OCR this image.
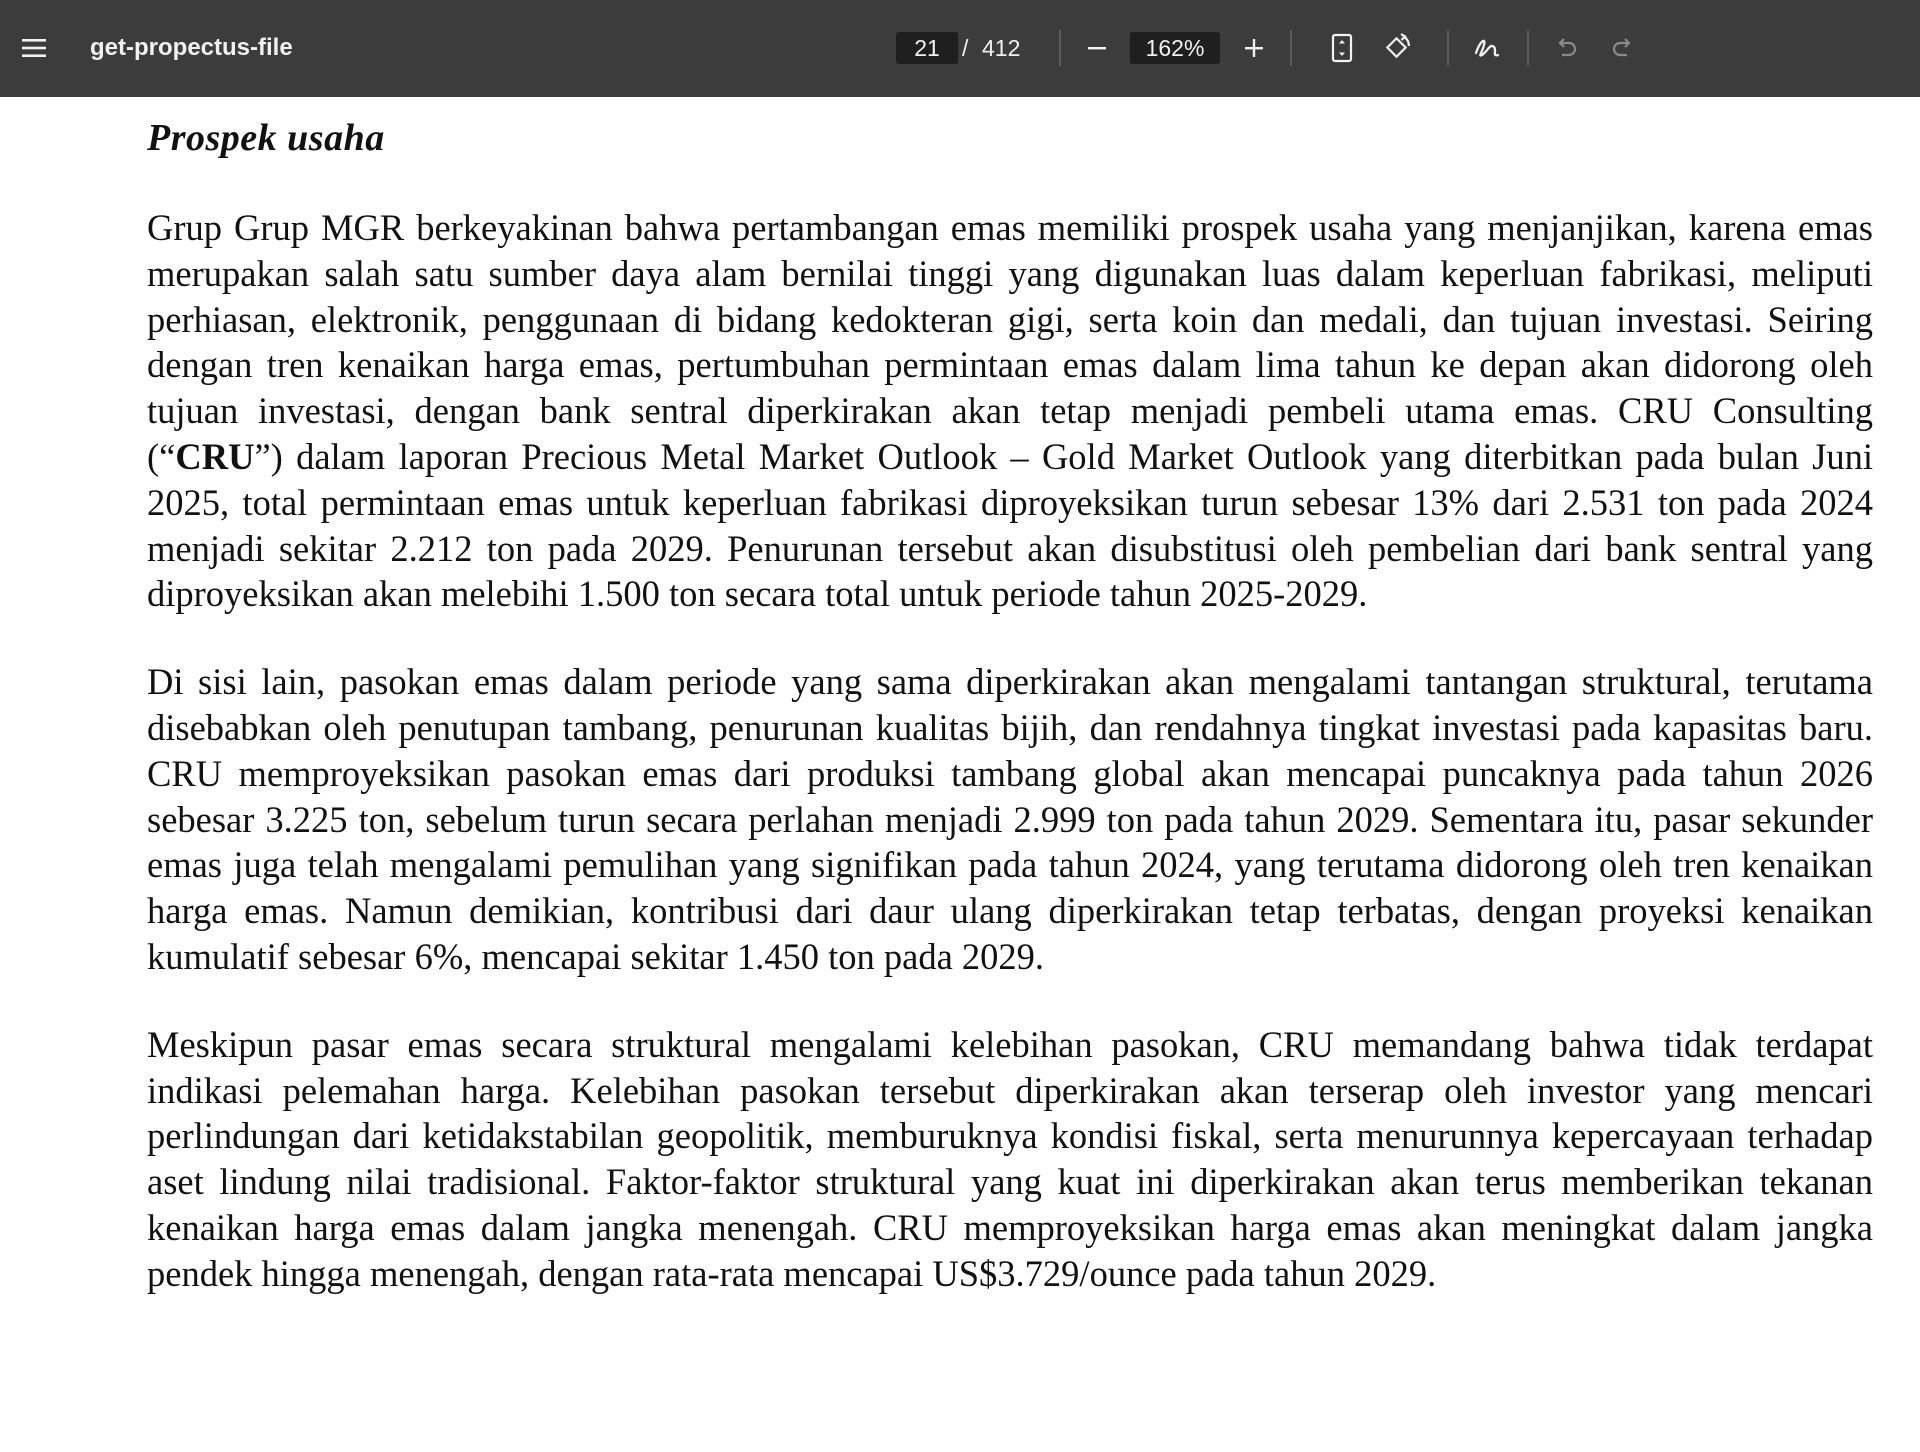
get-propectus-file
21	/ 412
162%
Prospek usaha

Grup Grup MGR berkeyakinan bahwa pertambangan emas memiliki prospek usaha yang menjanjikan, karena emas merupakan salah satu sumber daya alam bernilai tinggi yang digunakan luas dalam keperluan fabrikasi, meliputi perhiasan, elektronik, penggunaan di bidang kedokteran gigi, serta koin dan medali, dan tujuan investasi. Seiring dengan tren kenaikan harga emas, pertumbuhan permintaan emas dalam lima tahun ke depan akan didorong oleh tujuan investasi, dengan bank sentral diperkirakan akan tetap menjadi pembeli utama emas. CRU Consulting (“CRU”) dalam laporan Precious Metal Market Outlook – Gold Market Outlook yang diterbitkan pada bulan Juni 2025, total permintaan emas untuk keperluan fabrikasi diproyeksikan turun sebesar 13% dari 2.531 ton pada 2024 menjadi sekitar 2.212 ton pada 2029. Penurunan tersebut akan disubstitusi oleh pembelian dari bank sentral yang diproyeksikan akan melebihi 1.500 ton secara total untuk periode tahun 2025-2029.

Di sisi lain, pasokan emas dalam periode yang sama diperkirakan akan mengalami tantangan struktural, terutama disebabkan oleh penutupan tambang, penurunan kualitas bijih, dan rendahnya tingkat investasi pada kapasitas baru. CRU memproyeksikan pasokan emas dari produksi tambang global akan mencapai puncaknya pada tahun 2026 sebesar 3.225 ton, sebelum turun secara perlahan menjadi 2.999 ton pada tahun 2029. Sementara itu, pasar sekunder emas juga telah mengalami pemulihan yang signifikan pada tahun 2024, yang terutama didorong oleh tren kenaikan harga emas. Namun demikian, kontribusi dari daur ulang diperkirakan tetap terbatas, dengan proyeksi kenaikan kumulatif sebesar 6%, mencapai sekitar 1.450 ton pada 2029.

Meskipun pasar emas secara struktural mengalami kelebihan pasokan, CRU memandang bahwa tidak terdapat indikasi pelemahan harga. Kelebihan pasokan tersebut diperkirakan akan terserap oleh investor yang mencari perlindungan dari ketidakstabilan geopolitik, memburuknya kondisi fiskal, serta menurunnya kepercayaan terhadap aset lindung nilai tradisional. Faktor-faktor struktural yang kuat ini diperkirakan akan terus memberikan tekanan kenaikan harga emas dalam jangka menengah. CRU memproyeksikan harga emas akan meningkat dalam jangka pendek hingga menengah, dengan rata-rata mencapai US$3.729/ounce pada tahun 2029.
